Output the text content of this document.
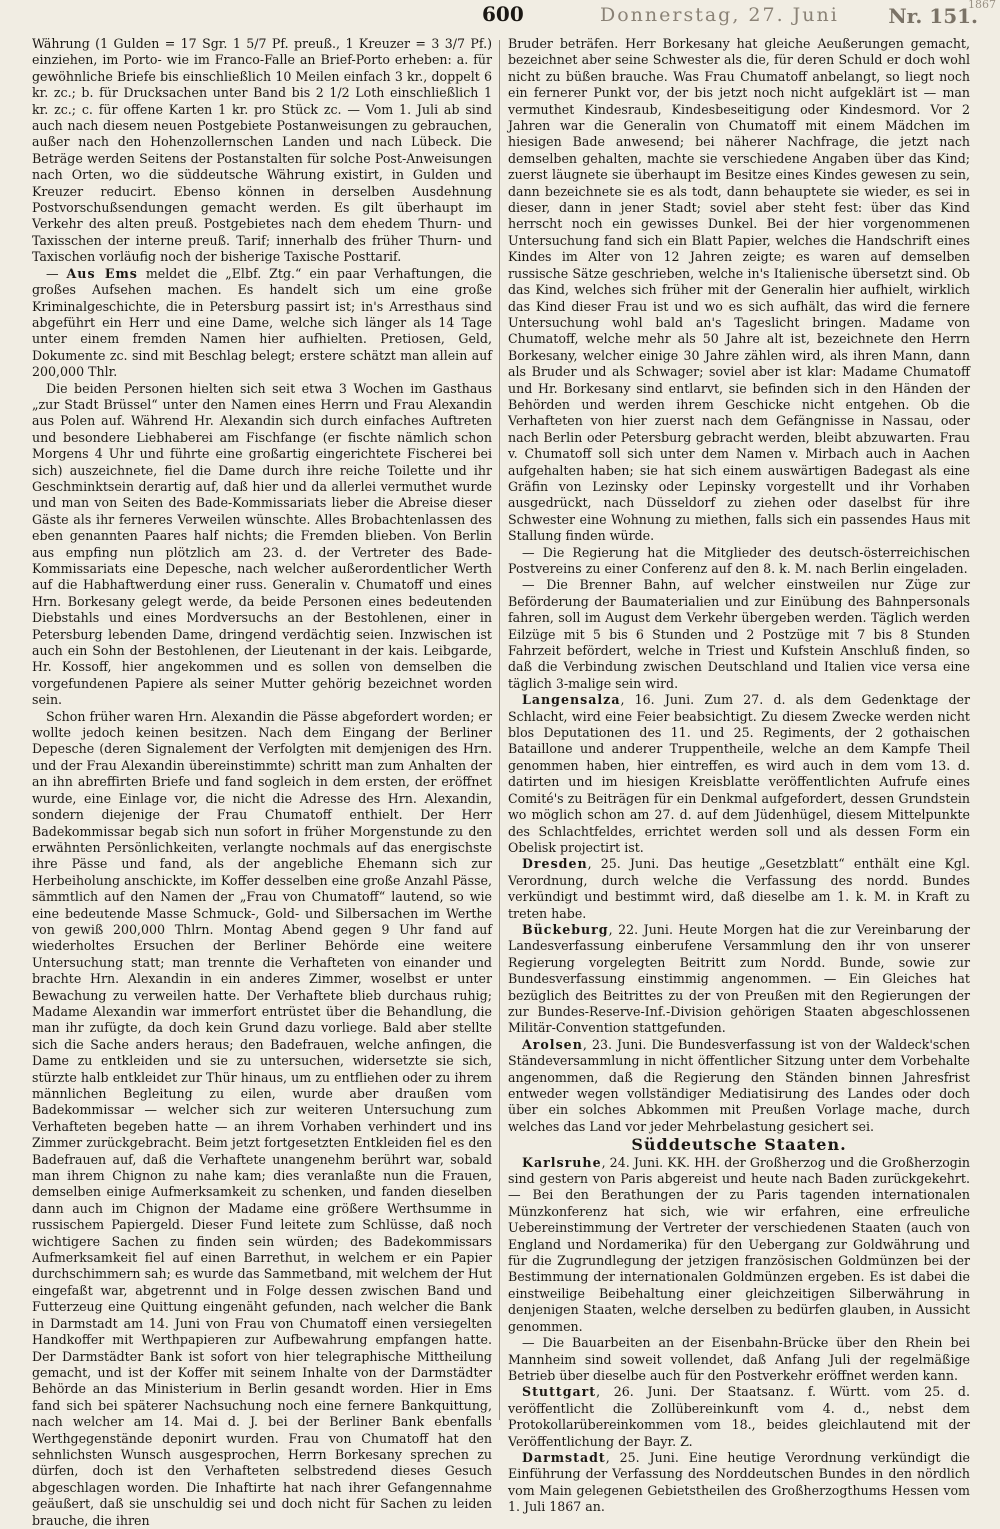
1867
600	Donnerstag, 27. Juni Nr. 151.

Währung (1 Gulden = 17 Sgr. 1 5/7 Pf. preuß., 1 Kreuzer = 3 3/7 Pf.) einziehen, im Porto- wie im Franco-Falle an Brief-Porto erheben: a. für gewöhnliche Briefe bis einschließlich 10 Meilen einfach 3 kr., doppelt 6 kr. zc.; b. für Drucksachen unter Band bis 2 1/2 Loth einschließlich 1 kr. zc.; c. für offene Karten 1 kr. pro Stück zc. — Vom 1. Juli ab sind auch nach diesem neuen Postgebiete Postanweisungen zu gebrauchen, außer nach den Hohenzollernschen Landen und nach Lübeck. Die Beträge werden Seitens der Postanstalten für solche Post-Anweisungen nach Orten, wo die süddeutsche Währung existirt, in Gulden und Kreuzer reducirt. Ebenso können in derselben Ausdehnung Postvorschußsendungen gemacht werden. Es gilt überhaupt im Verkehr des alten preuß. Postgebietes nach dem ehedem Thurn- und Taxisschen der interne preuß. Tarif; innerhalb des früher Thurn- und Taxischen vorläufig noch der bisherige Taxische Posttarif.

— Aus Ems meldet die „Elbf. Ztg.“ ein paar Verhaftungen, die großes Aufsehen machen. Es handelt sich um eine große Kriminalgeschichte, die in Petersburg passirt ist; in's Arresthaus sind abgeführt ein Herr und eine Dame, welche sich länger als 14 Tage unter einem fremden Namen hier aufhielten. Pretiosen, Geld, Dokumente zc. sind mit Beschlag belegt; erstere schätzt man allein auf 200,000 Thlr.

Die beiden Personen hielten sich seit etwa 3 Wochen im Gasthaus „zur Stadt Brüssel“ unter den Namen eines Herrn und Frau Alexandin aus Polen auf. Während Hr. Alexandin sich durch einfaches Auftreten und besondere Liebhaberei am Fischfange (er fischte nämlich schon Morgens 4 Uhr und führte eine großartig eingerichtete Fischerei bei sich) auszeichnete, fiel die Dame durch ihre reiche Toilette und ihr Geschminktsein derartig auf, daß hier und da allerlei vermuthet wurde und man von Seiten des Bade-Kommissariats lieber die Abreise dieser Gäste als ihr ferneres Verweilen wünschte. Alles Brobachtenlassen des eben genannten Paares half nichts; die Fremden blieben. Von Berlin aus empfing nun plötzlich am 23. d. der Vertreter des Bade-Kommissariats eine Depesche, nach welcher außerordentlicher Werth auf die Habhaftwerdung einer russ. Generalin v. Chumatoff und eines Hrn. Borkesany gelegt werde, da beide Personen eines bedeutenden Diebstahls und eines Mordversuchs an der Bestohlenen, einer in Petersburg lebenden Dame, dringend verdächtig seien. Inzwischen ist auch ein Sohn der Bestohlenen, der Lieutenant in der kais. Leibgarde, Hr. Kossoff, hier angekommen und es sollen von demselben die vorgefundenen Papiere als seiner Mutter gehörig bezeichnet worden sein.

Schon früher waren Hrn. Alexandin die Pässe abgefordert worden; er wollte jedoch keinen besitzen. Nach dem Eingang der Berliner Depesche (deren Signalement der Verfolgten mit demjenigen des Hrn. und der Frau Alexandin übereinstimmte) schritt man zum Anhalten der an ihn abreffirten Briefe und fand sogleich in dem ersten, der eröffnet wurde, eine Einlage vor, die nicht die Adresse des Hrn. Alexandin, sondern diejenige der Frau Chumatoff enthielt. Der Herr Badekommissar begab sich nun sofort in früher Morgenstunde zu den erwähnten Persönlichkeiten, verlangte nochmals auf das energischste ihre Pässe und fand, als der angebliche Ehemann sich zur Herbeiholung anschickte, im Koffer desselben eine große Anzahl Pässe, sämmtlich auf den Namen der „Frau von Chumatoff“ lautend, so wie eine bedeutende Masse Schmuck-, Gold- und Silbersachen im Werthe von gewiß 200,000 Thlrn. Montag Abend gegen 9 Uhr fand auf wiederholtes Ersuchen der Berliner Behörde eine weitere Untersuchung statt; man trennte die Verhafteten von einander und brachte Hrn. Alexandin in ein anderes Zimmer, woselbst er unter Bewachung zu verweilen hatte. Der Verhaftete blieb durchaus ruhig; Madame Alexandin war immerfort entrüstet über die Behandlung, die man ihr zufügte, da doch kein Grund dazu vorliege. Bald aber stellte sich die Sache anders heraus; den Badefrauen, welche anfingen, die Dame zu entkleiden und sie zu untersuchen, widersetzte sie sich, stürzte halb entkleidet zur Thür hinaus, um zu entfliehen oder zu ihrem männlichen Begleitung zu eilen, wurde aber draußen vom Badekommissar — welcher sich zur weiteren Untersuchung zum Verhafteten begeben hatte — an ihrem Vorhaben verhindert und ins Zimmer zurückgebracht. Beim jetzt fortgesetzten Entkleiden fiel es den Badefrauen auf, daß die Verhaftete unangenehm berührt war, sobald man ihrem Chignon zu nahe kam; dies veranlaßte nun die Frauen, demselben einige Aufmerksamkeit zu schenken, und fanden dieselben dann auch im Chignon der Madame eine größere Werthsumme in russischem Papiergeld. Dieser Fund leitete zum Schlüsse, daß noch wichtigere Sachen zu finden sein würden; des Badekommissars Aufmerksamkeit fiel auf einen Barrethut, in welchem er ein Papier durchschimmern sah; es wurde das Sammetband, mit welchem der Hut eingefaßt war, abgetrennt und in Folge dessen zwischen Band und Futterzeug eine Quittung eingenäht gefunden, nach welcher die Bank in Darmstadt am 14. Juni von Frau von Chumatoff einen versiegelten Handkoffer mit Werthpapieren zur Aufbewahrung empfangen hatte. Der Darmstädter Bank ist sofort von hier telegraphische Mittheilung gemacht, und ist der Koffer mit seinem Inhalte von der Darmstädter Behörde an das Ministerium in Berlin gesandt worden. Hier in Ems fand sich bei späterer Nachsuchung noch eine fernere Bankquittung, nach welcher am 14. Mai d. J. bei der Berliner Bank ebenfalls Werthgegenstände deponirt wurden. Frau von Chumatoff hat den sehnlichsten Wunsch ausgesprochen, Herrn Borkesany sprechen zu dürfen, doch ist den Verhafteten selbstredend dieses Gesuch abgeschlagen worden. Die Inhaftirte hat nach ihrer Gefangennahme geäußert, daß sie unschuldig sei und doch nicht für Sachen zu leiden brauche, die ihren

Bruder beträfen. Herr Borkesany hat gleiche Aeußerungen gemacht, bezeichnet aber seine Schwester als die, für deren Schuld er doch wohl nicht zu büßen brauche. Was Frau Chumatoff anbelangt, so liegt noch ein fernerer Punkt vor, der bis jetzt noch nicht aufgeklärt ist — man vermuthet Kindesraub, Kindesbeseitigung oder Kindesmord. Vor 2 Jahren war die Generalin von Chumatoff mit einem Mädchen im hiesigen Bade anwesend; bei näherer Nachfrage, die jetzt nach demselben gehalten, machte sie verschiedene Angaben über das Kind; zuerst läugnete sie überhaupt im Besitze eines Kindes gewesen zu sein, dann bezeichnete sie es als todt, dann behauptete sie wieder, es sei in dieser, dann in jener Stadt; soviel aber steht fest: über das Kind herrscht noch ein gewisses Dunkel. Bei der hier vorgenommenen Untersuchung fand sich ein Blatt Papier, welches die Handschrift eines Kindes im Alter von 12 Jahren zeigte; es waren auf demselben russische Sätze geschrieben, welche in's Italienische übersetzt sind. Ob das Kind, welches sich früher mit der Generalin hier aufhielt, wirklich das Kind dieser Frau ist und wo es sich aufhält, das wird die fernere Untersuchung wohl bald an's Tageslicht bringen. Madame von Chumatoff, welche mehr als 50 Jahre alt ist, bezeichnete den Herrn Borkesany, welcher einige 30 Jahre zählen wird, als ihren Mann, dann als Bruder und als Schwager; soviel aber ist klar: Madame Chumatoff und Hr. Borkesany sind entlarvt, sie befinden sich in den Händen der Behörden und werden ihrem Geschicke nicht entgehen. Ob die Verhafteten von hier zuerst nach dem Gefängnisse in Nassau, oder nach Berlin oder Petersburg gebracht werden, bleibt abzuwarten. Frau v. Chumatoff soll sich unter dem Namen v. Mirbach auch in Aachen aufgehalten haben; sie hat sich einem auswärtigen Badegast als eine Gräfin von Lezinsky oder Lepinsky vorgestellt und ihr Vorhaben ausgedrückt, nach Düsseldorf zu ziehen oder daselbst für ihre Schwester eine Wohnung zu miethen, falls sich ein passendes Haus mit Stallung finden würde.

— Die Regierung hat die Mitglieder des deutsch-österreichischen Postvereins zu einer Conferenz auf den 8. k. M. nach Berlin eingeladen.

— Die Brenner Bahn, auf welcher einstweilen nur Züge zur Beförderung der Baumaterialien und zur Einübung des Bahnpersonals fahren, soll im August dem Verkehr übergeben werden. Täglich werden Eilzüge mit 5 bis 6 Stunden und 2 Postzüge mit 7 bis 8 Stunden Fahrzeit befördert, welche in Triest und Kufstein Anschluß finden, so daß die Verbindung zwischen Deutschland und Italien vice versa eine täglich 3-malige sein wird.

Langensalza, 16. Juni. Zum 27. d. als dem Gedenktage der Schlacht, wird eine Feier beabsichtigt. Zu diesem Zwecke werden nicht blos Deputationen des 11. und 25. Regiments, der 2 gothaischen Bataillone und anderer Truppentheile, welche an dem Kampfe Theil genommen haben, hier eintreffen, es wird auch in dem vom 13. d. datirten und im hiesigen Kreisblatte veröffentlichten Aufrufe eines Comité's zu Beiträgen für ein Denkmal aufgefordert, dessen Grundstein wo möglich schon am 27. d. auf dem Jüdenhügel, diesem Mittelpunkte des Schlachtfeldes, errichtet werden soll und als dessen Form ein Obelisk projectirt ist.

Dresden, 25. Juni. Das heutige „Gesetzblatt“ enthält eine Kgl. Verordnung, durch welche die Verfassung des nordd. Bundes verkündigt und bestimmt wird, daß dieselbe am 1. k. M. in Kraft zu treten habe.

Bückeburg, 22. Juni. Heute Morgen hat die zur Vereinbarung der Landesverfassung einberufene Versammlung den ihr von unserer Regierung vorgelegten Beitritt zum Nordd. Bunde, sowie zur Bundesverfassung einstimmig angenommen. — Ein Gleiches hat bezüglich des Beitrittes zu der von Preußen mit den Regierungen der zur Bundes-Reserve-Inf.-Division gehörigen Staaten abgeschlossenen Militär-Convention stattgefunden.

Arolsen, 23. Juni. Die Bundesverfassung ist von der Waldeck'schen Ständeversammlung in nicht öffentlicher Sitzung unter dem Vorbehalte angenommen, daß die Regierung den Ständen binnen Jahresfrist entweder wegen vollständiger Mediatisirung des Landes oder doch über ein solches Abkommen mit Preußen Vorlage mache, durch welches das Land vor jeder Mehrbelastung gesichert sei.

Süddeutsche Staaten.

Karlsruhe, 24. Juni. KK. HH. der Großherzog und die Großherzogin sind gestern von Paris abgereist und heute nach Baden zurückgekehrt. — Bei den Berathungen der zu Paris tagenden internationalen Münzkonferenz hat sich, wie wir erfahren, eine erfreuliche Uebereinstimmung der Vertreter der verschiedenen Staaten (auch von England und Nordamerika) für den Uebergang zur Goldwährung und für die Zugrundlegung der jetzigen französischen Goldmünzen bei der Bestimmung der internationalen Goldmünzen ergeben. Es ist dabei die einstweilige Beibehaltung einer gleichzeitigen Silberwährung in denjenigen Staaten, welche derselben zu bedürfen glauben, in Aussicht genommen.

— Die Bauarbeiten an der Eisenbahn-Brücke über den Rhein bei Mannheim sind soweit vollendet, daß Anfang Juli der regelmäßige Betrieb über dieselbe auch für den Postverkehr eröffnet werden kann.

Stuttgart, 26. Juni. Der Staatsanz. f. Württ. vom 25. d. veröffentlicht die Zollübereinkunft vom 4. d., nebst dem Protokollarübereinkommen vom 18., beides gleichlautend mit der Veröffentlichung der Bayr. Z.

Darmstadt, 25. Juni. Eine heutige Verordnung verkündigt die Einführung der Verfassung des Norddeutschen Bundes in den nördlich vom Main gelegenen Gebietstheilen des Großherzogthums Hessen vom 1. Juli 1867 an.
